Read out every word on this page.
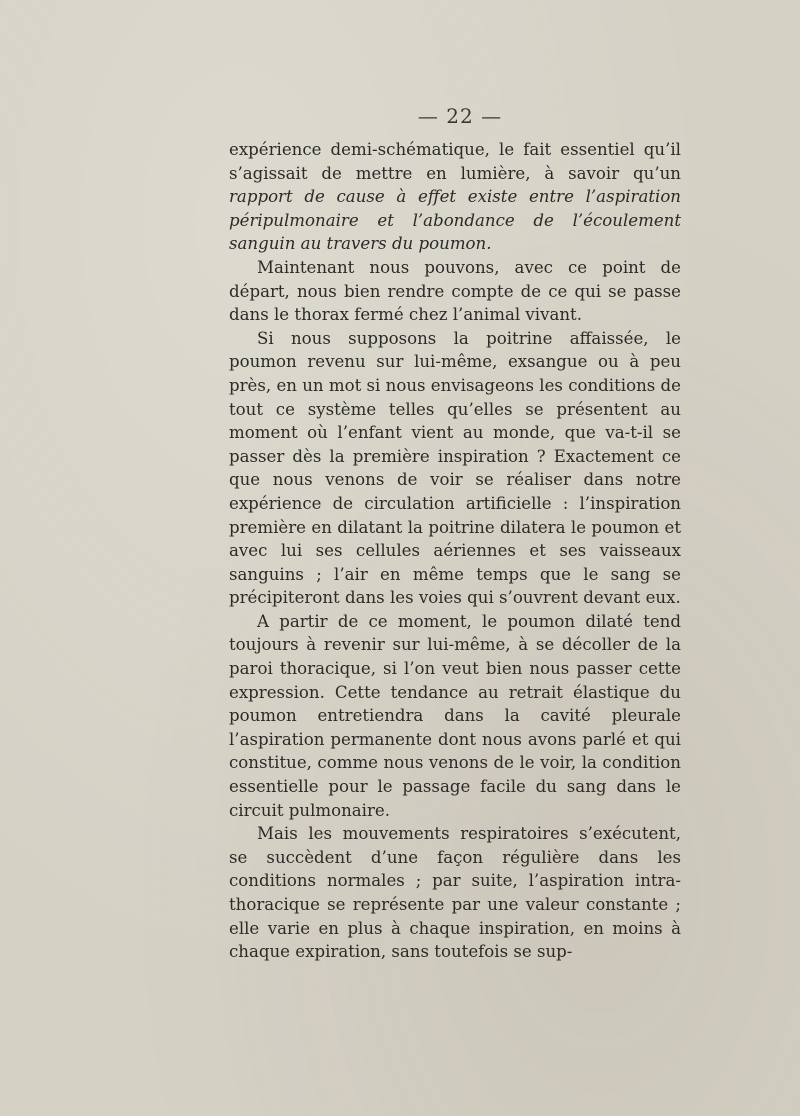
— 22 —

expérience demi-schématique, le fait essentiel qu’il s’agissait de mettre en lumière, à savoir qu’un rapport de cause à effet existe entre l’aspiration péripulmonaire et l’abondance de l’écoulement sanguin au travers du poumon.

Maintenant nous pouvons, avec ce point de départ, nous bien rendre compte de ce qui se passe dans le thorax fermé chez l’animal vivant.

Si nous supposons la poitrine affaissée, le poumon revenu sur lui-même, exsangue ou à peu près, en un mot si nous envisageons les conditions de tout ce système telles qu’elles se présentent au moment où l’enfant vient au monde, que va-t-il se passer dès la première inspiration ? Exactement ce que nous venons de voir se réaliser dans notre expérience de circulation artificielle : l’inspiration première en dilatant la poitrine dilatera le poumon et avec lui ses cellules aériennes et ses vaisseaux sanguins ; l’air en même temps que le sang se précipiteront dans les voies qui s’ouvrent devant eux.

A partir de ce moment, le poumon dilaté tend toujours à revenir sur lui-même, à se décoller de la paroi thoracique, si l’on veut bien nous passer cette expression. Cette tendance au retrait élastique du poumon entretiendra dans la cavité pleurale l’aspiration permanente dont nous avons parlé et qui constitue, comme nous venons de le voir, la condition essentielle pour le passage facile du sang dans le circuit pulmonaire.

Mais les mouvements respiratoires s’exécutent, se succèdent d’une façon régulière dans les conditions normales ; par suite, l’aspiration intra-thoracique se représente par une valeur constante ; elle varie en plus à chaque inspiration, en moins à chaque expiration, sans toutefois se sup-
